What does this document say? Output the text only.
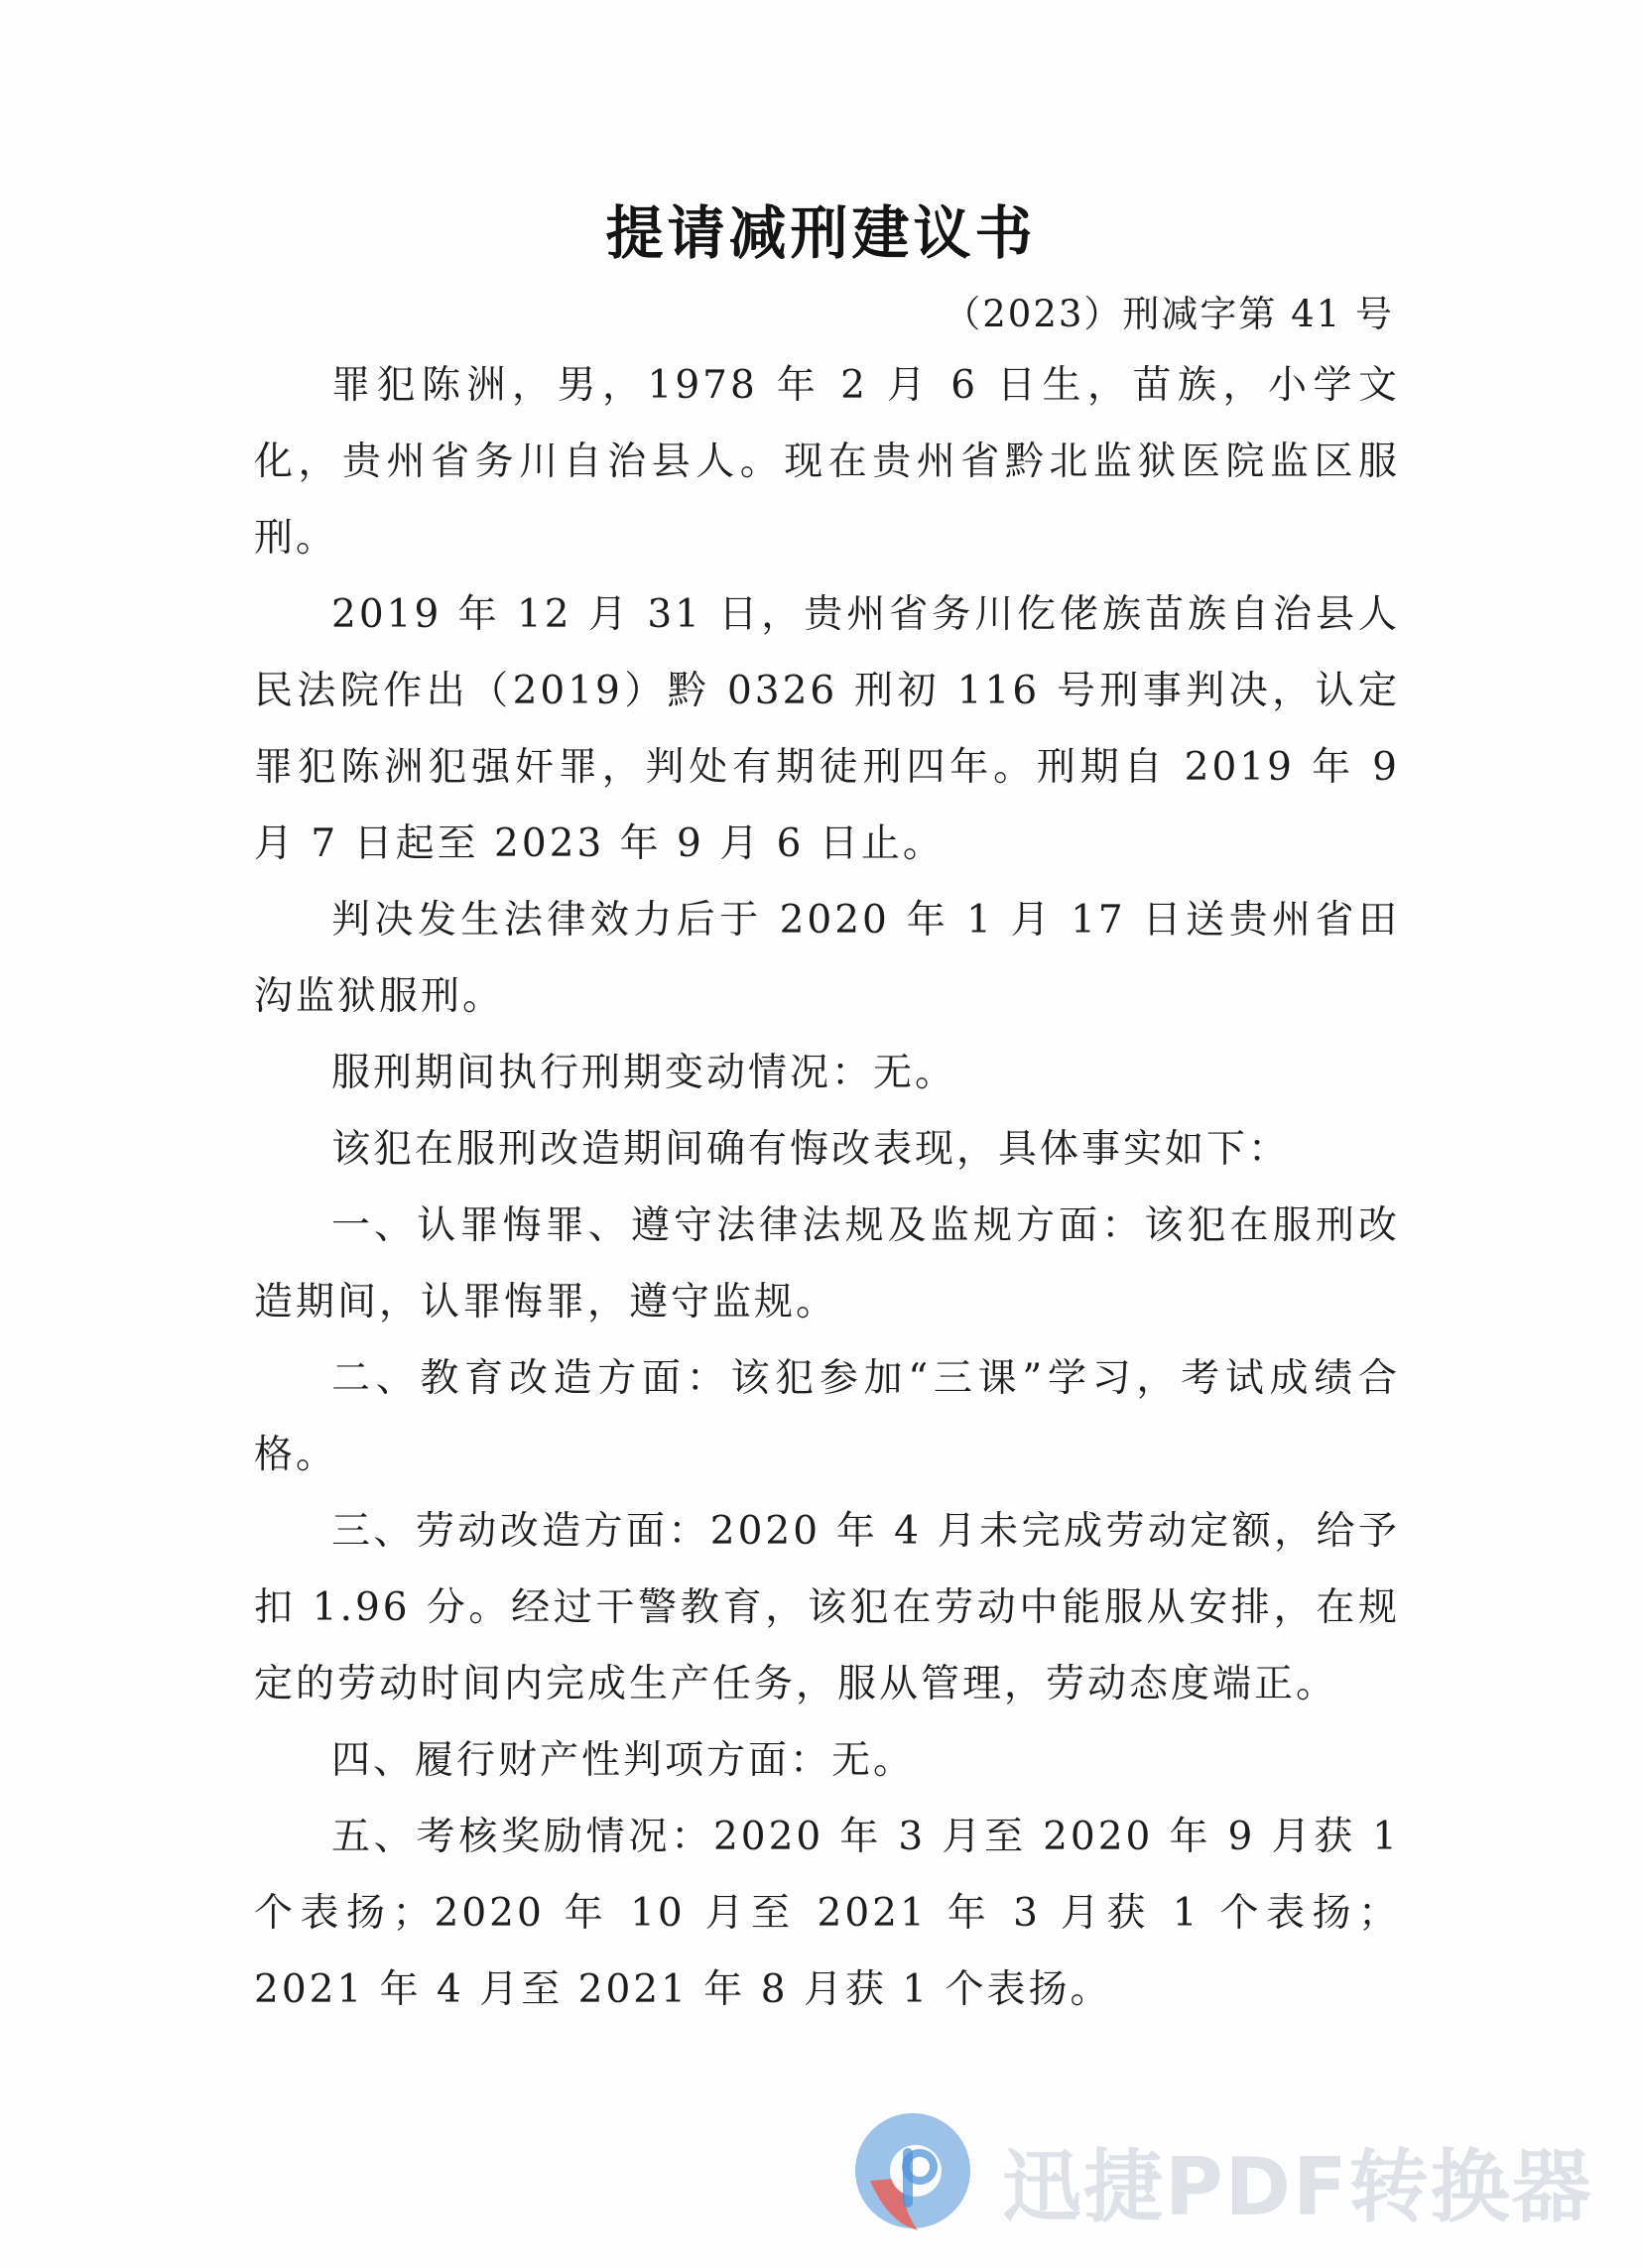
提请减刑建议书
（2023）刑减字第 41 号

罪犯陈洲，男，1978 年 2 月 6 日生，苗族，小学文化，贵州省务川自治县人。现在贵州省黔北监狱医院监区服刑。

2019 年 12 月 31 日，贵州省务川仡佬族苗族自治县人民法院作出（2019）黔 0326 刑初 116 号刑事判决，认定罪犯陈洲犯强奸罪，判处有期徒刑四年。刑期自 2019 年 9 月 7 日起至 2023 年 9 月 6 日止。

判决发生法律效力后于 2020 年 1 月 17 日送贵州省田沟监狱服刑。

服刑期间执行刑期变动情况：无。

该犯在服刑改造期间确有悔改表现，具体事实如下：

一、认罪悔罪、遵守法律法规及监规方面：该犯在服刑改造期间，认罪悔罪，遵守监规。

二、教育改造方面：该犯参加“三课”学习，考试成绩合格。

三、劳动改造方面：2020 年 4 月未完成劳动定额，给予扣 1.96 分。经过干警教育，该犯在劳动中能服从安排，在规定的劳动时间内完成生产任务，服从管理，劳动态度端正。

四、履行财产性判项方面：无。

五、考核奖励情况：2020 年 3 月至 2020 年 9 月获 1 个表扬；2020 年 10 月至 2021 年 3 月获 1 个表扬；2021 年 4 月至 2021 年 8 月获 1 个表扬。

迅捷PDF转换器
